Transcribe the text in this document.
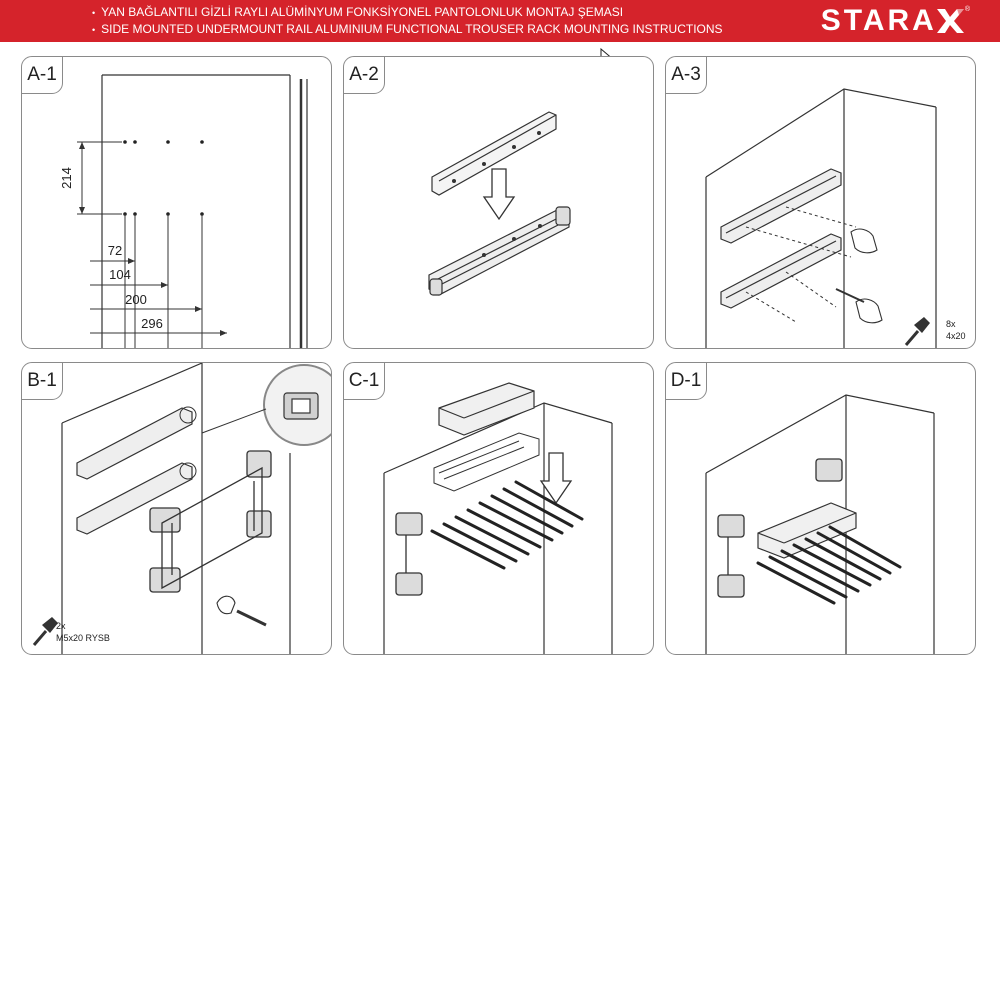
• YAN BAĞLANTILI GİZLİ RAYLI ALÜMİNYUM FONKSİYONEL PANTOLONLUK MONTAJ ŞEMASI
• SIDE MOUNTED UNDERMOUNT RAIL ALUMINIUM FUNCTIONAL TROUSER RACK MOUNTING INSTRUCTIONS	STARA	®
A-1
214
72
104
200
296
A-2	A-3
8x
4x20
B-1
2x
M5x20 RYSB
C-1	D-1
